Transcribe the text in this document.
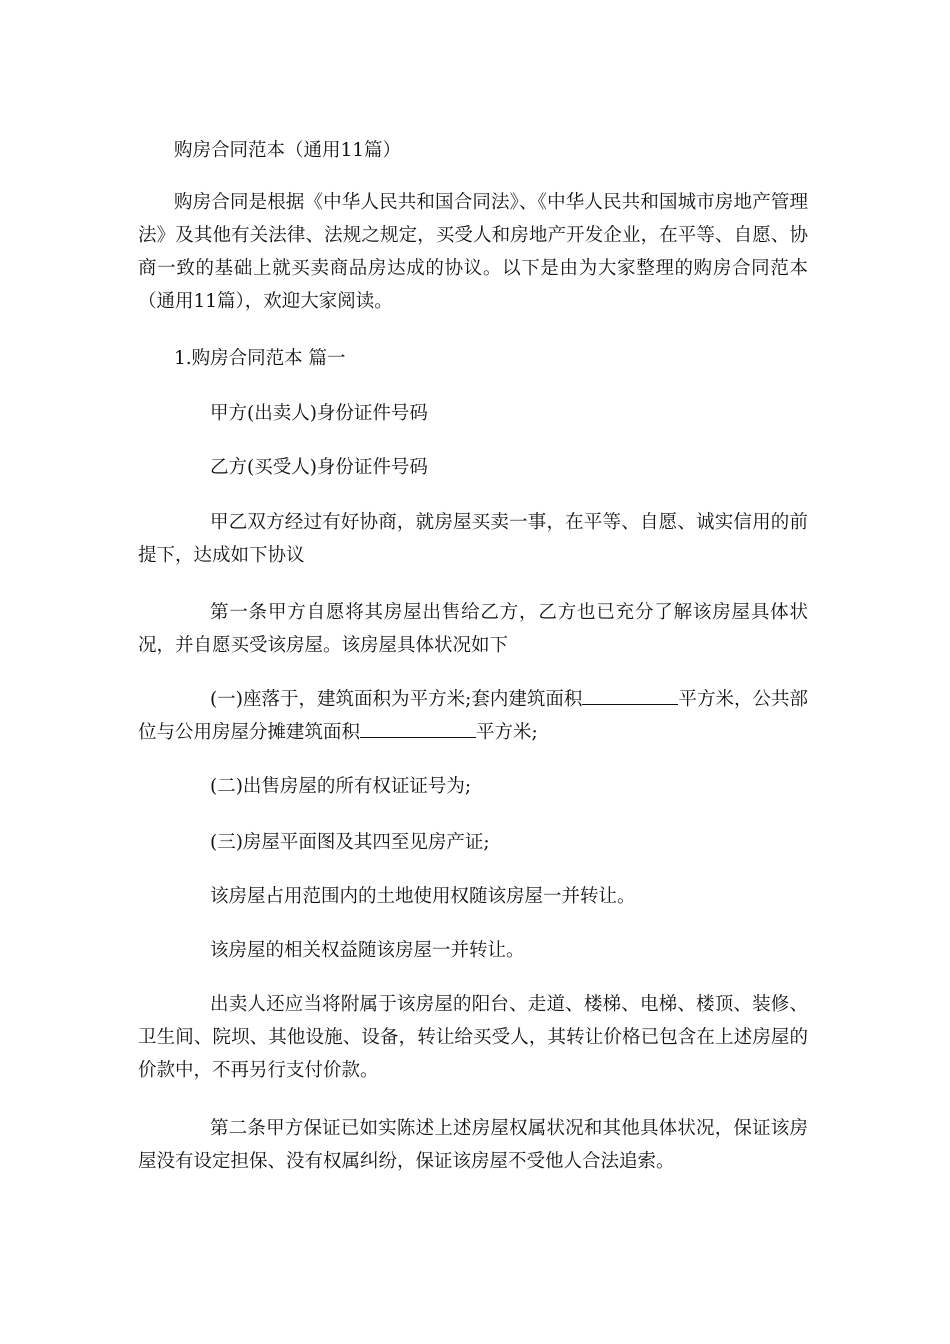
购房合同范本（通用11篇）

购房合同是根据《中华人民共和国合同法》、《中华人民共和国城市房地产管理法》及其他有关法律、法规之规定，买受人和房地产开发企业，在平等、自愿、协商一致的基础上就买卖商品房达成的协议。以下是由为大家整理的购房合同范本（通用11篇），欢迎大家阅读。

1.购房合同范本 篇一

甲方(出卖人)身份证件号码

乙方(买受人)身份证件号码

甲乙双方经过有好协商，就房屋买卖一事，在平等、自愿、诚实信用的前提下，达成如下协议

第一条甲方自愿将其房屋出售给乙方，乙方也已充分了解该房屋具体状况，并自愿买受该房屋。该房屋具体状况如下

(一)座落于，建筑面积为平方米;套内建筑面积	平方米，公共部位与公用房屋分摊建筑面积	平方米;

(二)出售房屋的所有权证证号为;

(三)房屋平面图及其四至见房产证;

该房屋占用范围内的土地使用权随该房屋一并转让。

该房屋的相关权益随该房屋一并转让。

出卖人还应当将附属于该房屋的阳台、走道、楼梯、电梯、楼顶、装修、卫生间、院坝、其他设施、设备，转让给买受人，其转让价格已包含在上述房屋的价款中，不再另行支付价款。

第二条甲方保证已如实陈述上述房屋权属状况和其他具体状况，保证该房屋没有设定担保、没有权属纠纷，保证该房屋不受他人合法追索。
